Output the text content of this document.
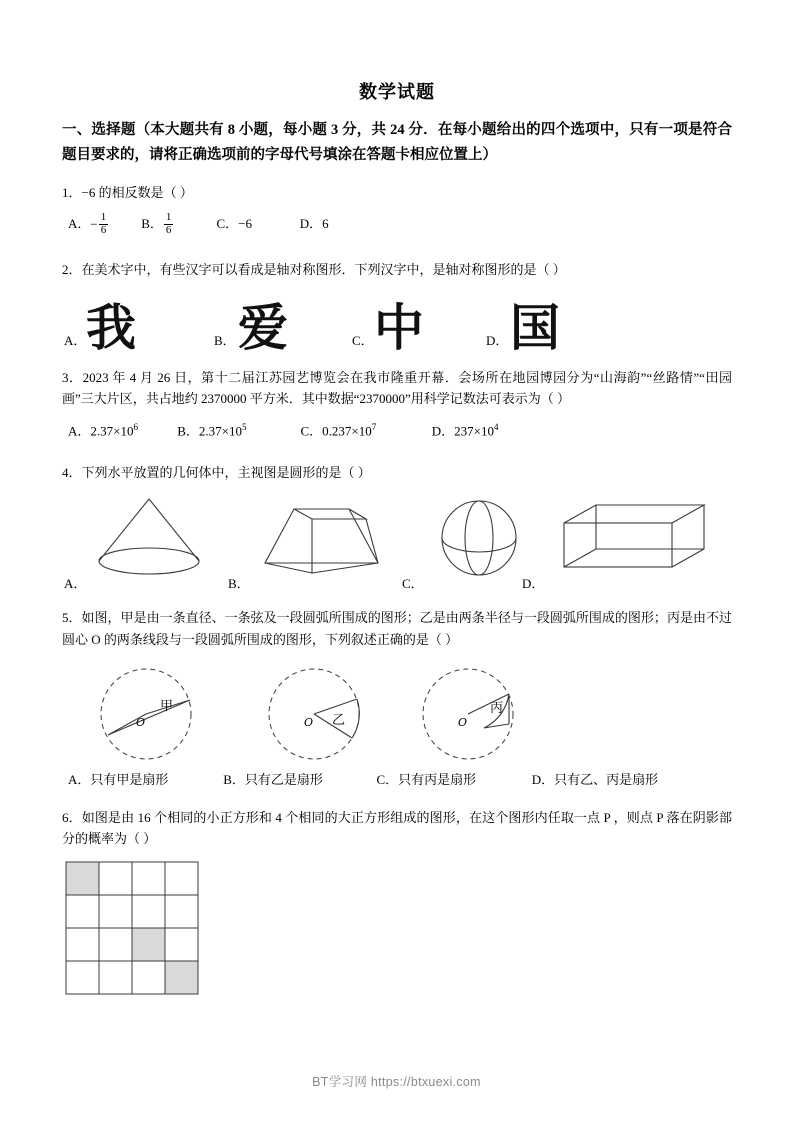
数学试题
一、选择题（本大题共有 8 小题，每小题 3 分，共 24 分．在每小题给出的四个选项中，只有一项是符合题目要求的，请将正确选项前的字母代号填涂在答题卡相应位置上）
1．−6 的相反数是（ ）
A．− $\frac{1}{6}$	B． $\frac{1}{6}$	C．−6	D．6
2．在美术字中，有些汉字可以看成是轴对称图形．下列汉字中，是轴对称图形的是（ ）
A． 我	B． 爱	C． 中	D． 国
3．2023 年 4 月 26 日，第十二届江苏园艺博览会在我市隆重开幕．会场所在地园博园分为“山海韵”“丝路情”“田园画”三大片区，共占地约 2370000 平方米．其中数据“2370000”用科学记数法可表示为（ ）
A．$2.37\times 10^6$	B．$2.37\times 10^5$	C．$0.237\times 10^7$	D．$237\times 10^4$
4．下列水平放置的几何体中，主视图是圆形的是（ ）
A．	B．	C．	D．
5．如图，甲是由一条直径、一条弦及一段圆弧所围成的图形；乙是由两条半径与一段圆弧所围成的图形；丙是由不过圆心 O 的两条线段与一段圆弧所围成的图形，下列叙述正确的是（ ）
O
甲
O 乙	O
丙
A．只有甲是扇形	B．只有乙是扇形	C．只有丙是扇形	D．只有乙、丙是扇形
6．如图是由 16 个相同的小正方形和 4 个相同的大正方形组成的图形，在这个图形内任取一点 P ，则点 P 落在阴影部分的概率为（ ）
BT学习网 https://btxuexi.com
